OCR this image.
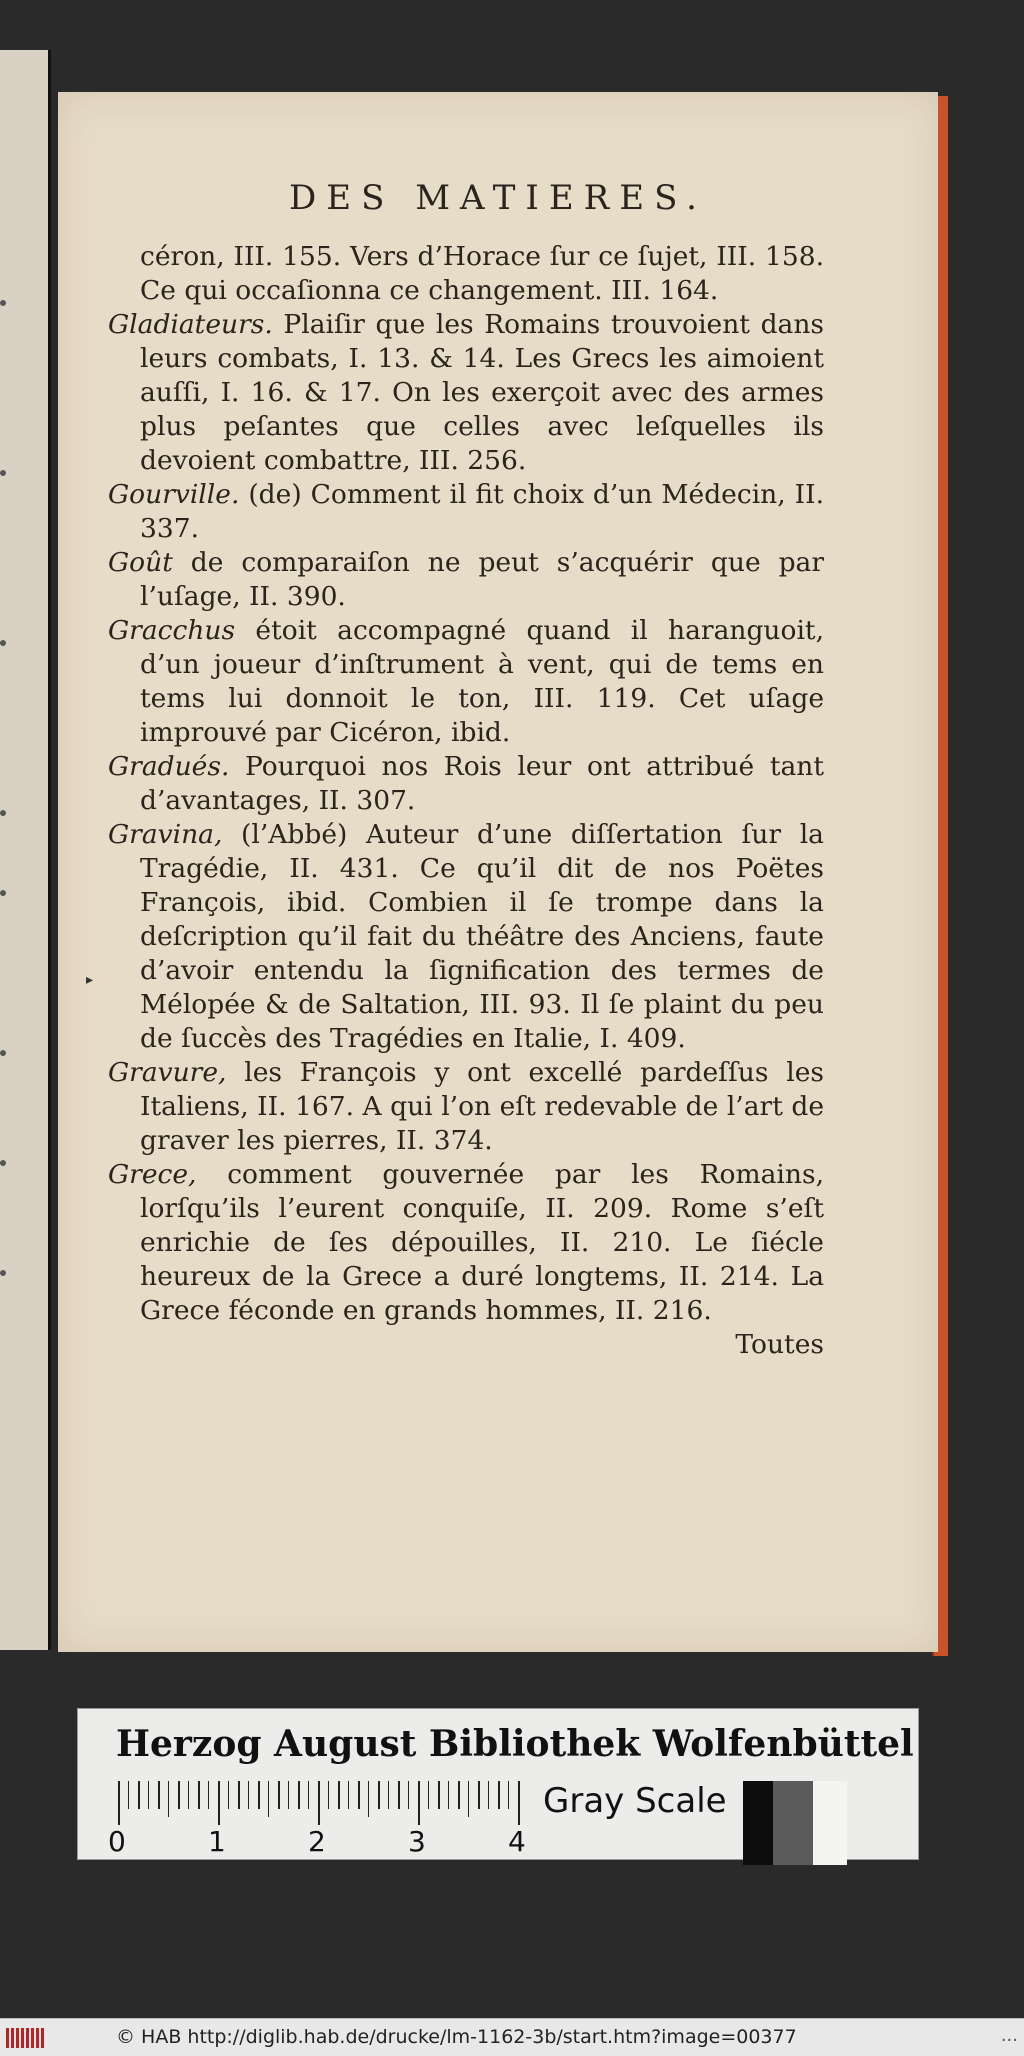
DES MATIERES.
▸

céron, III. 155. Vers d’Horace ſur ce ſujet, III. 158. Ce qui occaſionna ce changement. III. 164.

Gladiateurs. Plaiſir que les Romains trouvoient dans leurs combats, I. 13. & 14. Les Grecs les aimoient auſſi, I. 16. & 17. On les exerçoit avec des armes plus peſantes que celles avec leſquelles ils devoient combattre, III. 256.

Gourville. (de) Comment il fit choix d’un Médecin, II. 337.

Goût de comparaiſon ne peut s’acquérir que par l’uſage, II. 390.

Gracchus étoit accompagné quand il haranguoit, d’un joueur d’inſtrument à vent, qui de tems en tems lui donnoit le ton, III. 119. Cet uſage improuvé par Cicéron, ibid.

Gradués. Pourquoi nos Rois leur ont attribué tant d’avantages, II. 307.

Gravina, (l’Abbé) Auteur d’une diſſertation ſur la Tragédie, II. 431. Ce qu’il dit de nos Poëtes François, ibid. Combien il ſe trompe dans la deſcription qu’il fait du théâtre des Anciens, faute d’avoir entendu la ſignification des termes de Mélopée & de Saltation, III. 93. Il ſe plaint du peu de ſuccès des Tragédies en Italie, I. 409.

Gravure, les François y ont excellé pardeſſus les Italiens, II. 167. A qui l’on eſt redevable de l’art de graver les pierres, II. 374.

Grece, comment gouvernée par les Romains, lorſqu’ils l’eurent conquiſe, II. 209. Rome s’eſt enrichie de ſes dépouilles, II. 210. Le ſiécle heureux de la Grece a duré longtems, II. 214. La Grece féconde en grands hommes, II. 216.

Toutes

Herzog August Bibliothek Wolfenbüttel
0	1	2	3	4
Gray Scale
© HAB http://diglib.hab.de/drucke/lm-1162-3b/start.htm?image=00377	...
